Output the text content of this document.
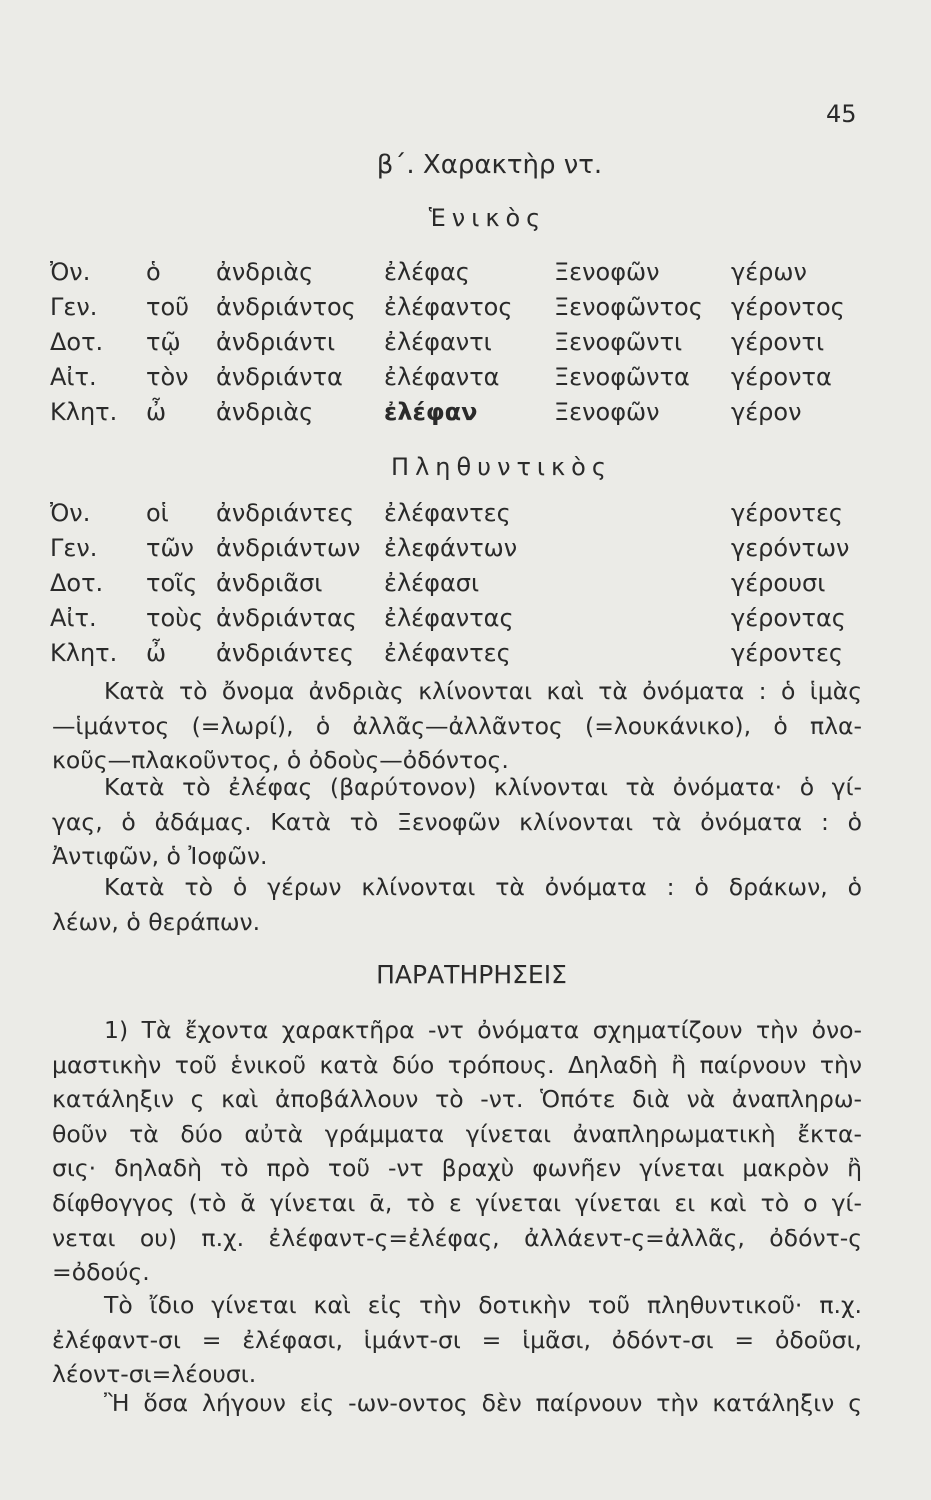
45
β΄. Χαρακτὴρ ντ.
Ἑνικὸς
Ὀν. ὁ ἀνδριὰς	ἐλέφας	Ξενοφῶν	γέρων
Γεν. τοῦ ἀνδριάντος ἐλέφαντος Ξενοφῶντος γέροντος
Δοτ. τῷ ἀνδριάντι ἐλέφαντι	Ξενοφῶντι γέροντι
Αἰτ. τὸν ἀνδριάντα ἐλέφαντα Ξενοφῶντα γέροντα
Κλητ. ὦ ἀνδριὰς	ἐλέφαν	Ξενοφῶν	γέρον
Πληθυντικὸς
Ὀν. οἱ ἀνδριάντες ἐλέφαντες	γέροντες
Γεν. τῶν ἀνδριάντων ἐλεφάντων	γερόντων
Δοτ. τοῖς ἀνδριᾶσι	ἐλέφασι	γέρουσι
Αἰτ. τοὺς ἀνδριάντας ἐλέφαντας	γέροντας
Κλητ. ὦ ἀνδριάντες ἐλέφαντες	γέροντες
Κατὰ τὸ ὄνομα ἀνδριὰς κλίνονται καὶ τὰ ὀνόματα : ὁ ἱμὰς
—ἱμάντος (=λωρί), ὁ ἀλλᾶς—ἀλλᾶντος (=λουκάνικο), ὁ πλα-
κοῦς—πλακοῦντος, ὁ ὀδοὺς—ὀδόντος.
Κατὰ τὸ ἐλέφας (βαρύτονον) κλίνονται τὰ ὀνόματα· ὁ γί-
γας, ὁ ἀδάμας. Κατὰ τὸ Ξενοφῶν κλίνονται τὰ ὀνόματα : ὁ
Ἀντιφῶν, ὁ Ἰοφῶν.
Κατὰ τὸ ὁ γέρων κλίνονται τὰ ὀνόματα : ὁ δράκων, ὁ
λέων, ὁ θεράπων.
ΠΑΡΑΤΗΡΗΣΕΙΣ
1) Τὰ ἔχοντα χαρακτῆρα -ντ ὀνόματα σχηματίζουν τὴν ὀνο-
μαστικὴν τοῦ ἑνικοῦ κατὰ δύο τρόπους. Δηλαδὴ ἢ παίρνουν τὴν
κατάληξιν ς καὶ ἀποβάλλουν τὸ -ντ. Ὁπότε διὰ νὰ ἀναπληρω-
θοῦν τὰ δύο αὐτὰ γράμματα γίνεται ἀναπληρωματικὴ ἔκτα-
σις· δηλαδὴ τὸ πρὸ τοῦ -ντ βραχὺ φωνῆεν γίνεται μακρὸν ἢ
δίφθογγος (τὸ ᾰ γίνεται ᾱ, τὸ ε γίνεται γίνεται ει καὶ τὸ ο γί-
νεται ου) π.χ. ἐλέφαντ-ς=ἐλέφας, ἀλλάεντ-ς=ἀλλᾶς, ὀδόντ-ς
=ὀδούς.
Τὸ ἴδιο γίνεται καὶ εἰς τὴν δοτικὴν τοῦ πληθυντικοῦ· π.χ.
ἐλέφαντ-σι = ἐλέφασι, ἱμάντ-σι = ἱμᾶσι, ὀδόντ-σι = ὀδοῦσι,
λέοντ-σι=λέουσι.
Ἢ ὅσα λήγουν εἰς -ων-οντος δὲν παίρνουν τὴν κατάληξιν ς
